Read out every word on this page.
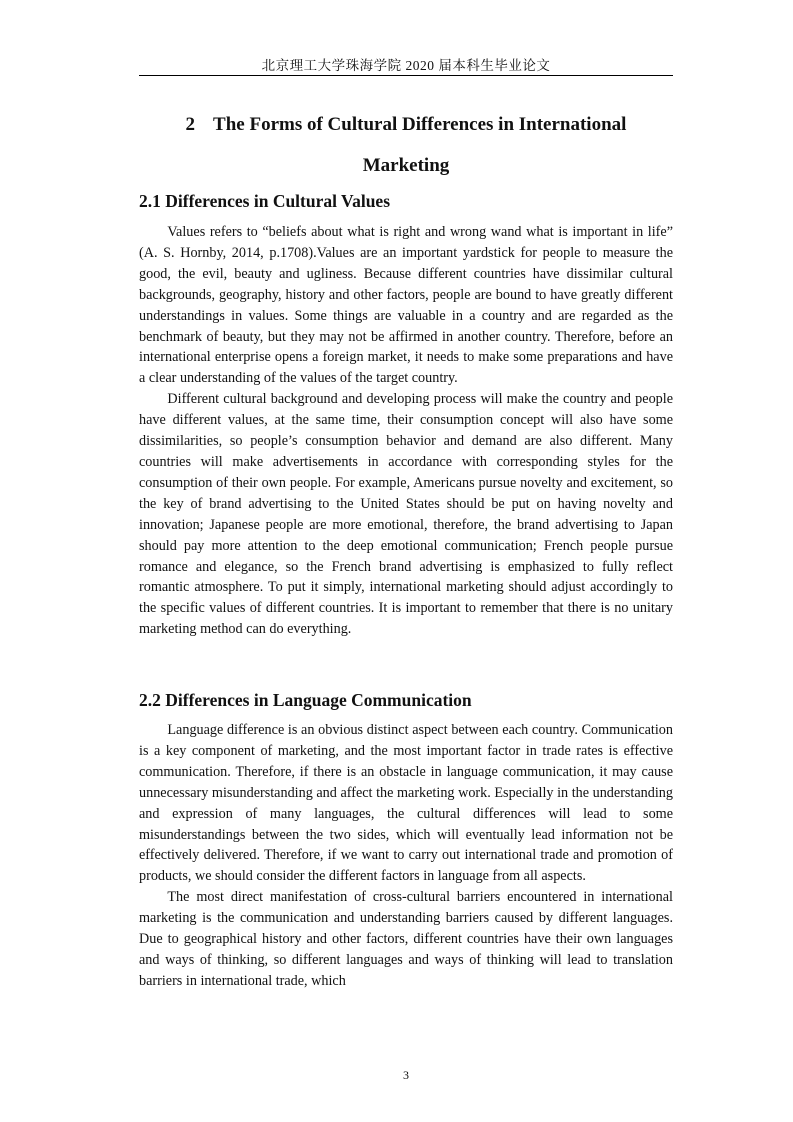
北京理工大学珠海学院 2020 届本科生毕业论文
2 The Forms of Cultural Differences in International
Marketing
2.1 Differences in Cultural Values

Values refers to “beliefs about what is right and wrong wand what is important in life” (A. S. Hornby, 2014, p.1708).Values are an important yardstick for people to measure the good, the evil, beauty and ugliness. Because different countries have dissimilar cultural backgrounds, geography, history and other factors, people are bound to have greatly different understandings in values. Some things are valuable in a country and are regarded as the benchmark of beauty, but they may not be affirmed in another country. Therefore, before an international enterprise opens a foreign market, it needs to make some preparations and have a clear understanding of the values of the target country.

Different cultural background and developing process will make the country and people have different values, at the same time, their consumption concept will also have some dissimilarities, so people’s consumption behavior and demand are also different. Many countries will make advertisements in accordance with corresponding styles for the consumption of their own people. For example, Americans pursue novelty and excitement, so the key of brand advertising to the United States should be put on having novelty and innovation; Japanese people are more emotional, therefore, the brand advertising to Japan should pay more attention to the deep emotional communication; French people pursue romance and elegance, so the French brand advertising is emphasized to fully reflect romantic atmosphere. To put it simply, international marketing should adjust accordingly to the specific values of different countries. It is important to remember that there is no unitary marketing method can do everything.

2.2 Differences in Language Communication

Language difference is an obvious distinct aspect between each country. Communication is a key component of marketing, and the most important factor in trade rates is effective communication. Therefore, if there is an obstacle in language communication, it may cause unnecessary misunderstanding and affect the marketing work. Especially in the understanding and expression of many languages, the cultural differences will lead to some misunderstandings between the two sides, which will eventually lead information not be effectively delivered. Therefore, if we want to carry out international trade and promotion of products, we should consider the different factors in language from all aspects.

The most direct manifestation of cross-cultural barriers encountered in international marketing is the communication and understanding barriers caused by different languages. Due to geographical history and other factors, different countries have their own languages and ways of thinking, so different languages and ways of thinking will lead to translation barriers in international trade, which

3
